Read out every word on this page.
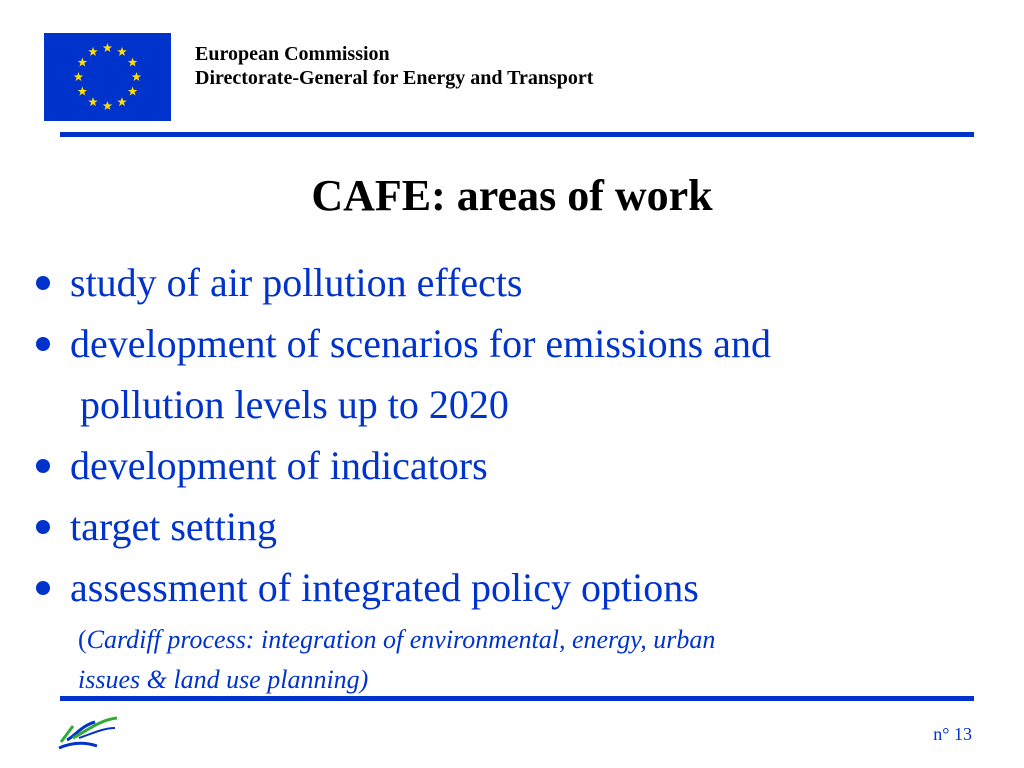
European Commission
Directorate-General for Energy and Transport
CAFE: areas of work
study of air pollution effects
development of scenarios for emissions and
pollution levels up to 2020
development of indicators
target setting
assessment of integrated policy options
(Cardiff process: integration of environmental, energy, urban
issues & land use planning)
n° 13
